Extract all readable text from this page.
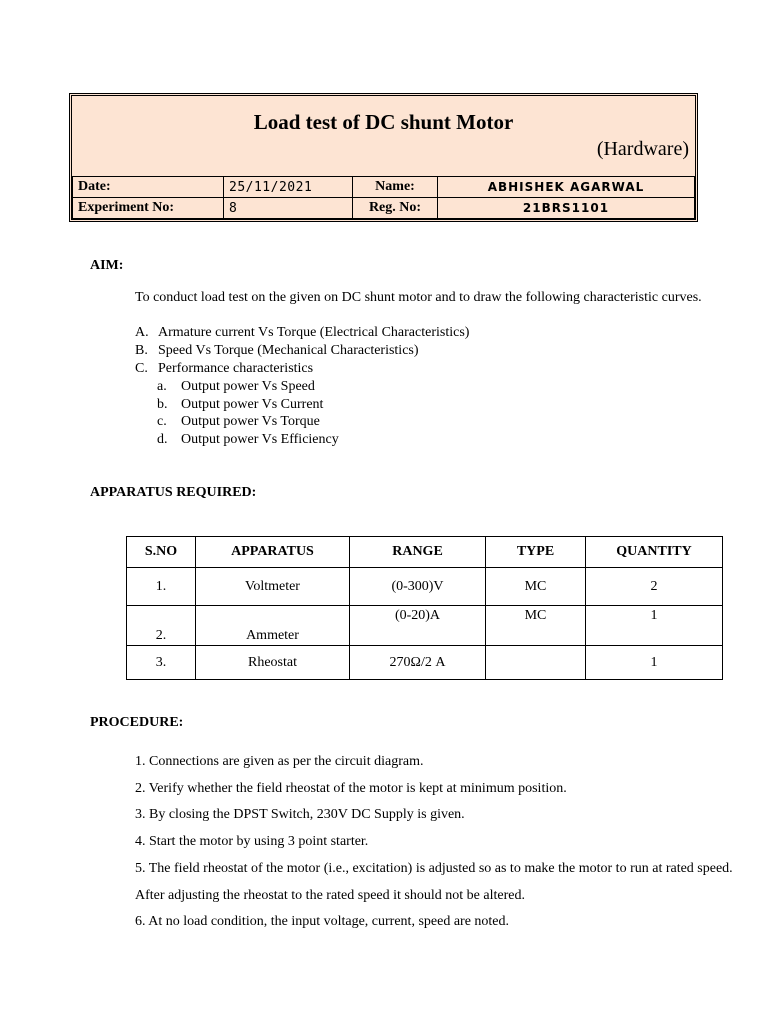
Load test of DC shunt Motor
(Hardware)
Date:	25/11/2021	Name:	ABHISHEK AGARWAL
Experiment No:	8	Reg. No:	21BRS1101
AIM:
To conduct load test on the given on DC shunt motor and to draw the following characteristic curves.
A. Armature current Vs Torque (Electrical Characteristics)
B. Speed Vs Torque (Mechanical Characteristics)
C. Performance characteristics
a. Output power Vs Speed
b. Output power Vs Current
c. Output power Vs Torque
d. Output power Vs Efficiency
APPARATUS REQUIRED:
S.NO	APPARATUS	RANGE	TYPE	QUANTITY
1.	Voltmeter	(0-300)V	MC	2
2.	Ammeter	(0-20)A	MC	1
3.	Rheostat	270Ω/2 A		1
PROCEDURE:
1. Connections are given as per the circuit diagram.
2. Verify whether the field rheostat of the motor is kept at minimum position.
3. By closing the DPST Switch, 230V DC Supply is given.
4. Start the motor by using 3 point starter.
5. The field rheostat of the motor (i.e., excitation) is adjusted so as to make the motor to run at rated speed. After adjusting the rheostat to the rated speed it should not be altered.
6. At no load condition, the input voltage, current, speed are noted.
